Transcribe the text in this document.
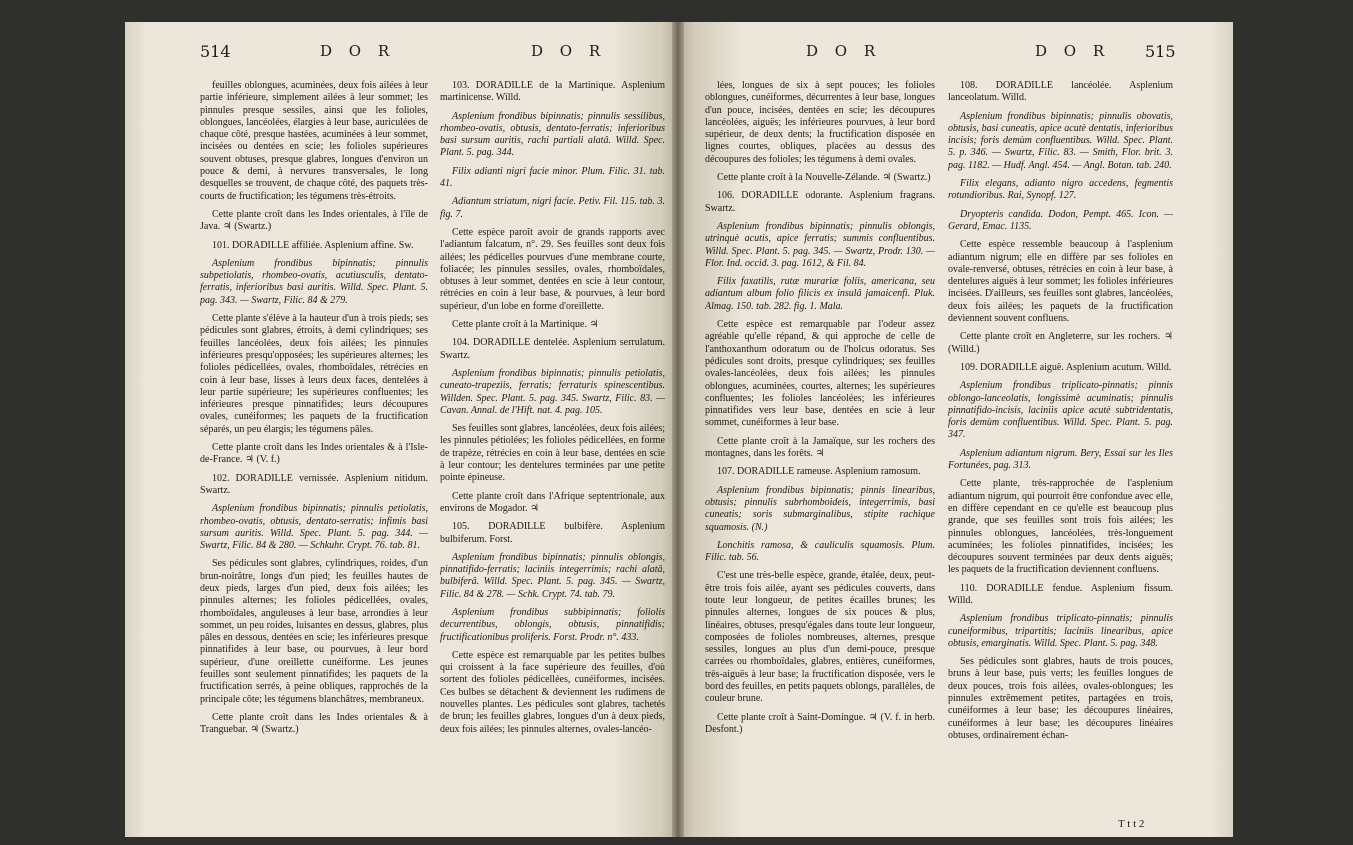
514	D O R	D O R	D O R	D O R 515

feuilles oblongues, acuminées, deux fois ailées à leur partie inférieure, simplement ailées à leur sommet; les pinnules presque sessiles, ainsi que les folioles, oblongues, lancéolées, élargies à leur base, auriculées de chaque côté, presque hastées, acuminées à leur sommet, incisées ou dentées en scie; les folioles supérieures souvent obtuses, presque glabres, longues d'environ un pouce & demi, à nervures transversales, le long desquelles se trouvent, de chaque côté, des paquets très-courts de fructification; les tégumens très-étroits.

Cette plante croît dans les Indes orientales, à l'île de Java. ♃ (Swartz.)

101. DORADILLE affiliée. Asplenium affine. Sw.

Asplenium frondibus bipinnatis; pinnulis subpetiolatis, rhombeo-ovatis, acutiusculis, dentato-ferratis, inferioribus basi auritis. Willd. Spec. Plant. 5. pag. 343. — Swartz, Filic. 84 & 279.

Cette plante s'élève à la hauteur d'un à trois pieds; ses pédicules sont glabres, étroits, à demi cylindriques; ses feuilles lancéolées, deux fois ailées; les pinnules inférieures presqu'opposées; les supérieures alternes; les folioles pédicellées, ovales, rhomboïdales, rétrécies en coin à leur base, lisses à leurs deux faces, dentelées à leur partie supérieure; les supérieures confluentes; les inférieures presque pinnatifides; leurs découpures ovales, cunéiformes; les paquets de la fructification séparés, un peu élargis; les tégumens pâles.

Cette plante croît dans les Indes orientales & à l'Isle-de-France. ♃ (V. f.)

102. DORADILLE vernissée. Asplenium nitidum. Swartz.

Asplenium frondibus bipinnatis; pinnulis petiolatis, rhombeo-ovatis, obtusis, dentato-serratis; infimis basi sursum auritis. Willd. Spec. Plant. 5. pag. 344. — Swartz, Filic. 84 & 280. — Schkuhr. Crypt. 76. tab. 81.

Ses pédicules sont glabres, cylindriques, roides, d'un brun-noirâtre, longs d'un pied; les feuilles hautes de deux pieds, larges d'un pied, deux fois ailées; les pinnules alternes; les folioles pédicellées, ovales, rhomboïdales, anguleuses à leur base, arrondies à leur sommet, un peu roides, luisantes en dessus, glabres, plus pâles en dessous, dentées en scie; les inférieures presque pinnatifides à leur base, ou pourvues, à leur bord supérieur, d'une oreillette cunéiforme. Les jeunes feuilles sont seulement pinnatifides; les paquets de la fructification serrés, à peine obliques, rapprochés de la principale côte; les tégumens blanchâtres, membraneux.

Cette plante croît dans les Indes orientales & à Tranguebar. ♃ (Swartz.)

103. DORADILLE de la Martinique. Asplenium martinicense. Willd.

Asplenium frondibus bipinnatis; pinnulis sessilibus, rhombeo-ovatis, obtusis, dentato-ferratis; inferioribus basi sursum auritis, rachi partiali alatâ. Willd. Spec. Plant. 5. pag. 344.

Filix adianti nigri facie minor. Plum. Filic. 31. tab. 41.

Adiantum striatum, nigri facie. Petiv. Fil. 115. tab. 3. fig. 7.

Cette espèce paroît avoir de grands rapports avec l'adiantum falcatum, n°. 29. Ses feuilles sont deux fois ailées; les pédicelles pourvues d'une membrane courte, foliacée; les pinnules sessiles, ovales, rhomboïdales, obtuses à leur sommet, dentées en scie à leur contour, rétrécies en coin à leur base, & pourvues, à leur bord supérieur, d'un lobe en forme d'oreillette.

Cette plante croît à la Martinique. ♃

104. DORADILLE dentelée. Asplenium serrulatum. Swartz.

Asplenium frondibus bipinnatis; pinnulis petiolatis, cuneato-trapeziis, ferratis; ferraturis spinescentibus. Willden. Spec. Plant. 5. pag. 345. Swartz, Filic. 83. — Cavan. Annal. de l'Hift. nat. 4. pag. 105.

Ses feuilles sont glabres, lancéolées, deux fois ailées; les pinnules pétiolées; les folioles pédicellées, en forme de trapèze, rétrécies en coin à leur base, dentées en scie à leur contour; les dentelures terminées par une petite pointe épineuse.

Cette plante croît dans l'Afrique septentrionale, aux environs de Mogador. ♃

105. DORADILLE bulbifère. Asplenium bulbiferum. Forst.

Asplenium frondibus bipinnatis; pinnulis oblongis, pinnatifido-ferratis; laciniis integerrimis; rachi alatâ, bulbiferâ. Willd. Spec. Plant. 5. pag. 345. — Swartz, Filic. 84 & 278. — Schk. Crypt. 74. tab. 79.

Asplenium frondibus subbipinnatis; foliolis decurrentibus, oblongis, obtusis, pinnatifidis; fructificationibus proliferis. Forst. Prodr. n°. 433.

Cette espèce est remarquable par les petites bulbes qui croissent à la face supérieure des feuilles, d'où sortent des folioles pédicellées, cunéiformes, incisées. Ces bulbes se détachent & deviennent les rudimens de nouvelles plantes. Les pédicules sont glabres, tachetés de brun; les feuilles glabres, longues d'un à deux pieds, deux fois ailées; les pinnules alternes, ovales-lancéo-

lées, longues de six à sept pouces; les folioles oblongues, cunéiformes, décurrentes à leur base, longues d'un pouce, incisées, dentées en scie; les découpures lancéolées, aiguës; les inférieures pourvues, à leur bord supérieur, de deux dents; la fructification disposée en lignes courtes, obliques, placées au dessus des découpures des folioles; les tégumens à demi ovales.

Cette plante croît à la Nouvelle-Zélande. ♃ (Swartz.)

106. DORADILLE odorante. Asplenium fragrans. Swartz.

Asplenium frondibus bipinnatis; pinnulis oblongis, utrinquè acutis, apice ferratis; summis confluentibus. Willd. Spec. Plant. 5. pag. 345. — Swartz, Prodr. 130. — Flor. Ind. occid. 3. pag. 1612, & Fil. 84.

Filix faxatilis, rutæ murariæ foliis, americana, seu adiantum album folio filicis ex insulâ jamaicenfi. Pluk. Almag. 150. tab. 282. fig. 1. Mala.

Cette espèce est remarquable par l'odeur assez agréable qu'elle répand, & qui approche de celle de l'anthoxanthum odoratum ou de l'holcus odoratus. Ses pédicules sont droits, presque cylindriques; ses feuilles ovales-lancéolées, deux fois ailées; les pinnules oblongues, acuminées, courtes, alternes; les supérieures confluentes; les folioles lancéolées; les inférieures pinnatifides vers leur base, dentées en scie à leur sommet, cunéiformes à leur base.

Cette plante croît à la Jamaïque, sur les rochers des montagnes, dans les forêts. ♃

107. DORADILLE rameuse. Asplenium ramosum.

Asplenium frondibus bipinnatis; pinnis linearibus, obtusis; pinnulis subrhomboideis, integerrimis, basi cuneatis; soris submarginalibus, stipite rachique squamosis. (N.)

Lonchitis ramosa, & cauliculis squamosis. Plum. Filic. tab. 56.

C'est une très-belle espèce, grande, étalée, deux, peut-être trois fois ailée, ayant ses pédicules couverts, dans toute leur longueur, de petites écailles brunes; les pinnules alternes, longues de six pouces & plus, linéaires, obtuses, presqu'égales dans toute leur longueur, composées de folioles nombreuses, alternes, presque sessiles, longues au plus d'un demi-pouce, presque carrées ou rhomboïdales, glabres, entières, cunéiformes, très-aiguës à leur base; la fructification disposée, vers le bord des feuilles, en petits paquets oblongs, parallèles, de couleur brune.

Cette plante croît à Saint-Domingue. ♃ (V. f. in herb. Desfont.)

108. DORADILLE lancéolée. Asplenium lanceolatum. Willd.

Asplenium frondibus bipinnatis; pinnulis obovatis, obtusis, basi cuneatis, apice acutè dentatis, inferioribus incisis; foris demùm confluentibus. Willd. Spec. Plant. 5. p. 346. — Swartz, Filic. 83. — Smith, Flor. brit. 3. pag. 1182. — Hudf. Angl. 454. — Angl. Botan. tab. 240.

Filix elegans, adianto nigro accedens, fegmentis rotundioribus. Rai, Synopf. 127.

Dryopteris candida. Dodon, Pempt. 465. Icon. — Gerard, Emac. 1135.

Cette espèce ressemble beaucoup à l'asplenium adiantum nigrum; elle en diffère par ses folioles en ovale-renversé, obtuses, rétrécies en coin à leur base, à dentelures aiguës à leur sommet; les folioles inférieures incisées. D'ailleurs, ses feuilles sont glabres, lancéolées, deux fois ailées; les paquets de la fructification deviennent souvent confluens.

Cette plante croît en Angleterre, sur les rochers. ♃ (Willd.)

109. DORADILLE aiguë. Asplenium acutum. Willd.

Asplenium frondibus triplicato-pinnatis; pinnis oblongo-lanceolatis, longissimè acuminatis; pinnulis pinnatifido-incisis, laciniis apice acutè subtridentatis, foris demùm confluentibus. Willd. Spec. Plant. 5. pag. 347.

Asplenium adiantum nigrum. Bery, Essai sur les Iles Fortunées, pag. 313.

Cette plante, très-rapprochée de l'asplenium adiantum nigrum, qui pourroit être confondue avec elle, en diffère cependant en ce qu'elle est beaucoup plus grande, que ses feuilles sont trois fois ailées; les pinnules oblongues, lancéolées, très-longuement acuminées; les folioles pinnatifides, incisées; les découpures souvent terminées par deux dents aiguës; les paquets de la fructification deviennent confluens.

110. DORADILLE fendue. Asplenium fissum. Willd.

Asplenium frondibus triplicato-pinnatis; pinnulis cuneiformibus, tripartitis; laciniis linearibus, apice obtusis, emarginatis. Willd. Spec. Plant. 5. pag. 348.

Ses pédicules sont glabres, hauts de trois pouces, bruns à leur base, puis verts; les feuilles longues de deux pouces, trois fois ailées, ovales-oblongues; les pinnules extrêmement petites, partagées en trois, cunéiformes à leur base; les découpures linéaires, cunéiformes à leur base; les découpures linéaires obtuses, ordinairement échan-

T t t 2
